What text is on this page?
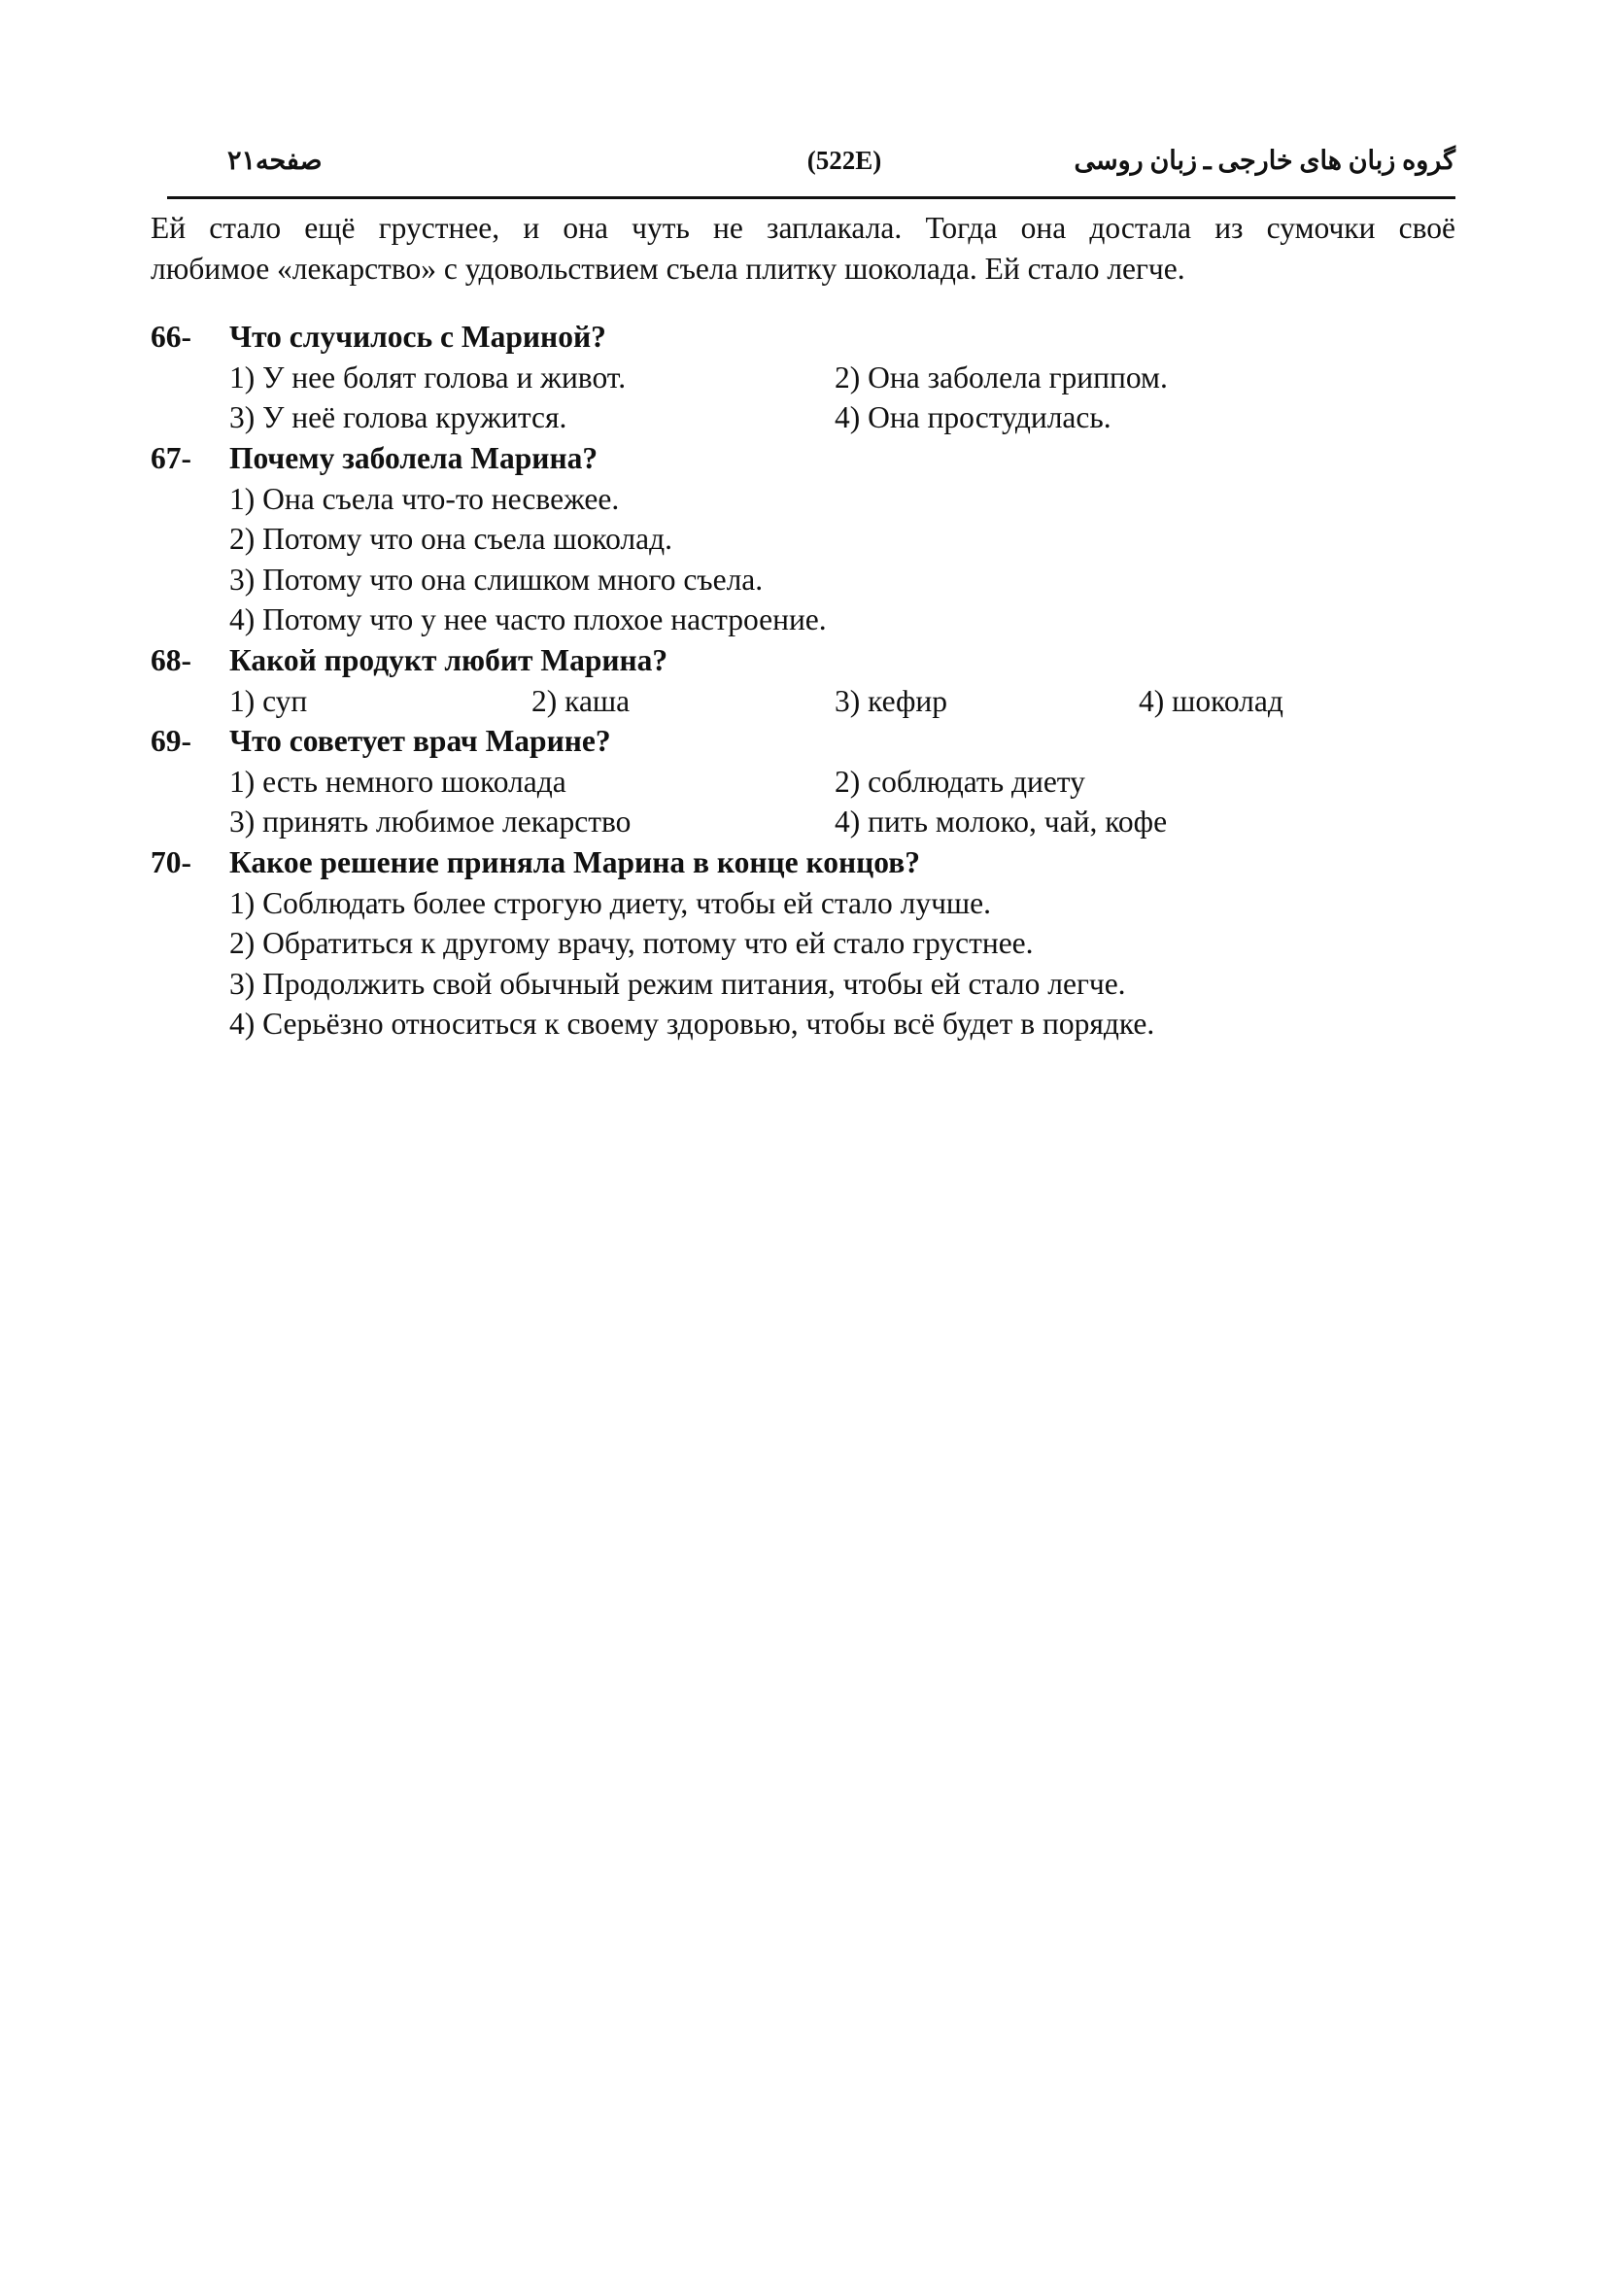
گروه زبان های خارجی ـ زبان روسی
(522E)
صفحه۲۱

Ей стало ещё грустнее, и она чуть не заплакала. Тогда она достала из сумочки своё

любимое «лекарство» с удовольствием съела плитку шоколада. Ей стало легче.

66-	Что случилось с Мариной?
1) У нее болят голова и живот.	2) Она заболела гриппом.
3) У неё голова кружится.	4) Она простудилась.
67-	Почему заболела Марина?
1) Она съела что-то несвежее.
2) Потому что она съела шоколад.
3) Потому что она слишком много съела.
4) Потому что у нее часто плохое настроение.
68-	Какой продукт любит Марина?
1) суп	2) каша	3) кефир	4) шоколад
69-	Что советует врач Марине?
1) есть немного шоколада	2) соблюдать диету
3) принять любимое лекарство	4) пить молоко, чай, кофе
70-	Какое решение приняла Марина в конце концов?
1) Соблюдать более строгую диету, чтобы ей стало лучше.
2) Обратиться к другому врачу, потому что ей стало грустнее.
3) Продолжить свой обычный режим питания, чтобы ей стало легче.
4) Серьёзно относиться к своему здоровью, чтобы всё будет в порядке.
